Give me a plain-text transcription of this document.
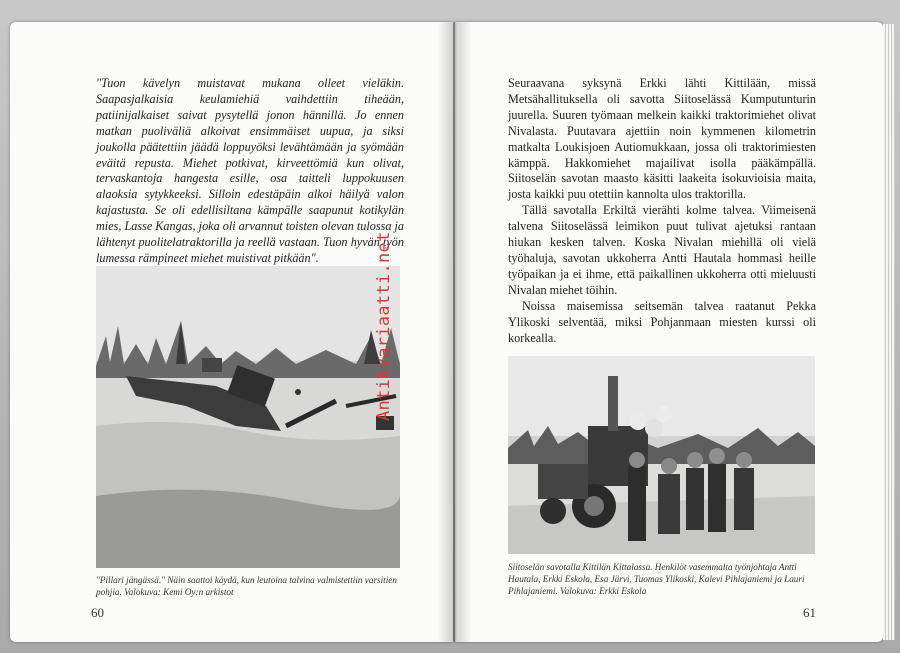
"Tuon kävelyn muistavat mukana olleet vieläkin. Saapasjalkaisia keulamiehiä vaihdettiin tiheään, patiinijalkaiset saivat pysytellä jonon hännillä. Jo ennen matkan puoliväliä alkoivat ensimmäiset uupua, ja siksi joukolla päätettiin jäädä loppuyöksi levähtämään ja syömään eväitä repusta. Miehet potkivat, kirveettömiä kun olivat, tervaskantoja hangesta esille, osa taitteli luppokuusen alaoksia sytykkeeksi. Silloin edestäpäin alkoi häilyä valon kajastusta. Se oli edellisiltana kämpälle saapunut kotikylän mies, Lasse Kangas, joka oli arvannut toisten olevan tulossa ja lähtenyt puolitelatraktorilla ja reellä vastaan. Tuon hyvän työn lumessa rämpineet miehet muistivat pitkään".

"Pillari jängässä." Näin saattoi käydä, kun leutoina talvina valmistettiin varsitien pohjia. Valokuva: Kemi Oy:n arkistot
60

Seuraavana syksynä Erkki lähti Kittilään, missä Metsähallituksella oli savotta Siitoselässä Kumputunturin juurella. Suuren työmaan melkein kaikki traktorimiehet olivat Nivalasta. Puutavara ajettiin noin kymmenen kilometrin matkalta Loukisjoen Autiomukkaan, jossa oli traktorimiesten kämppä. Hakkomiehet majailivat isolla pääkämpällä. Siitoselän savotan maasto käsitti laakeita isokuvioisia maita, josta kaikki puu otettiin kannolta ulos traktorilla.

Tällä savotalla Erkiltä vierähti kolme talvea. Viimeisenä talvena Siitoselässä leimikon puut tulivat ajetuksi rantaan hiukan kesken talven. Koska Nivalan miehillä oli vielä työhaluja, savotan ukkoherra Antti Hautala hommasi heille työpaikan ja ei ihme, että paikallinen ukkoherra otti mieluusti Nivalan miehet töihin.

Noissa maisemissa seitsemän talvea raatanut Pekka Ylikoski selventää, miksi Pohjanmaan miesten kurssi oli korkealla.

Siitoselän savotalla Kittilän Kittalassa. Henkilöt vasemmalta työnjohtaja Antti Hautala, Erkki Eskola, Esa Järvi, Tuomas Ylikoski, Kalevi Pihlajaniemi ja Lauri Pihlajaniemi. Valokuva: Erkki Eskola
61
Antikvariaatti.net
